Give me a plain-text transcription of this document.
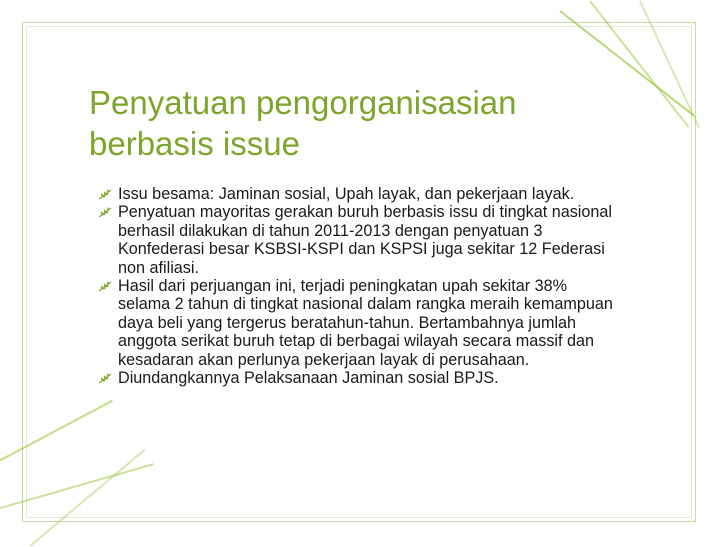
Penyatuan pengorganisasian berbasis issue
Issu besama: Jaminan sosial, Upah layak, dan pekerjaan layak.
Penyatuan mayoritas gerakan buruh berbasis issu di tingkat nasional berhasil dilakukan di tahun 2011-2013 dengan penyatuan 3 Konfederasi besar KSBSI-KSPI dan KSPSI juga sekitar 12 Federasi non afiliasi.
Hasil dari perjuangan ini, terjadi peningkatan upah sekitar 38% selama 2 tahun di tingkat nasional dalam rangka meraih kemampuan daya beli yang tergerus beratahun-tahun. Bertambahnya jumlah anggota serikat buruh tetap di berbagai wilayah secara massif dan kesadaran akan perlunya pekerjaan layak di perusahaan.
Diundangkannya Pelaksanaan Jaminan sosial BPJS.
